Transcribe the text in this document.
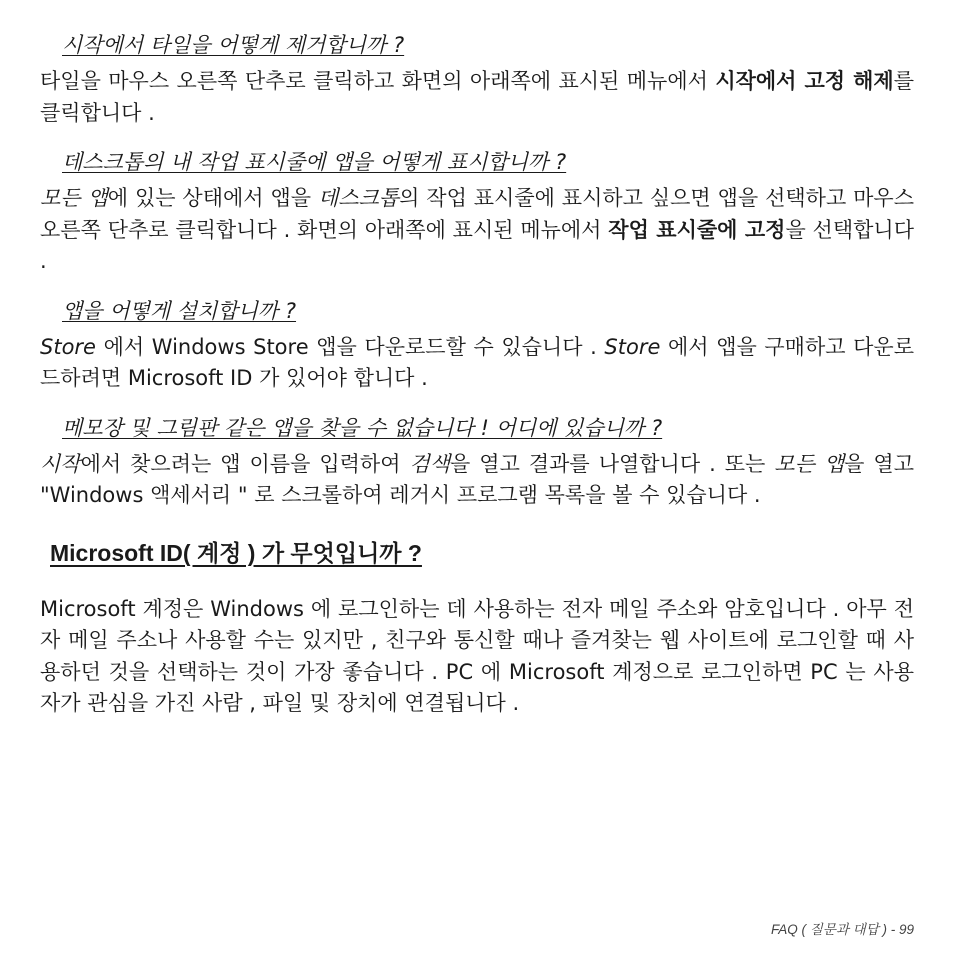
시작에서 타일을 어떻게 제거합니까 ?

타일을 마우스 오른쪽 단추로 클릭하고 화면의 아래쪽에 표시된 메뉴에서 시작에서 고정 해제를 클릭합니다 .

데스크톱의 내 작업 표시줄에 앱을 어떻게 표시합니까 ?

모든 앱에 있는 상태에서 앱을 데스크톱의 작업 표시줄에 표시하고 싶으면 앱을 선택하고 마우스 오른쪽 단추로 클릭합니다 . 화면의 아래쪽에 표시된 메뉴에서 작업 표시줄에 고정을 선택합니다 .

앱을 어떻게 설치합니까 ?

Store 에서 Windows Store 앱을 다운로드할 수 있습니다 . Store 에서 앱을 구매하고 다운로드하려면 Microsoft ID 가 있어야 합니다 .

메모장 및 그림판 같은 앱을 찾을 수 없습니다 ! 어디에 있습니까 ?

시작에서 찾으려는 앱 이름을 입력하여 검색을 열고 결과를 나열합니다 . 또는 모든 앱을 열고 "Windows 액세서리 " 로 스크롤하여 레거시 프로그램 목록을 볼 수 있습니다 .

Microsoft ID( 계정 ) 가 무엇입니까 ?

Microsoft 계정은 Windows 에 로그인하는 데 사용하는 전자 메일 주소와 암호입니다 . 아무 전자 메일 주소나 사용할 수는 있지만 , 친구와 통신할 때나 즐겨찾는 웹 사이트에 로그인할 때 사용하던 것을 선택하는 것이 가장 좋습니다 . PC 에 Microsoft 계정으로 로그인하면 PC 는 사용자가 관심을 가진 사람 , 파일 및 장치에 연결됩니다 .

FAQ ( 질문과 대답 ) - 99
